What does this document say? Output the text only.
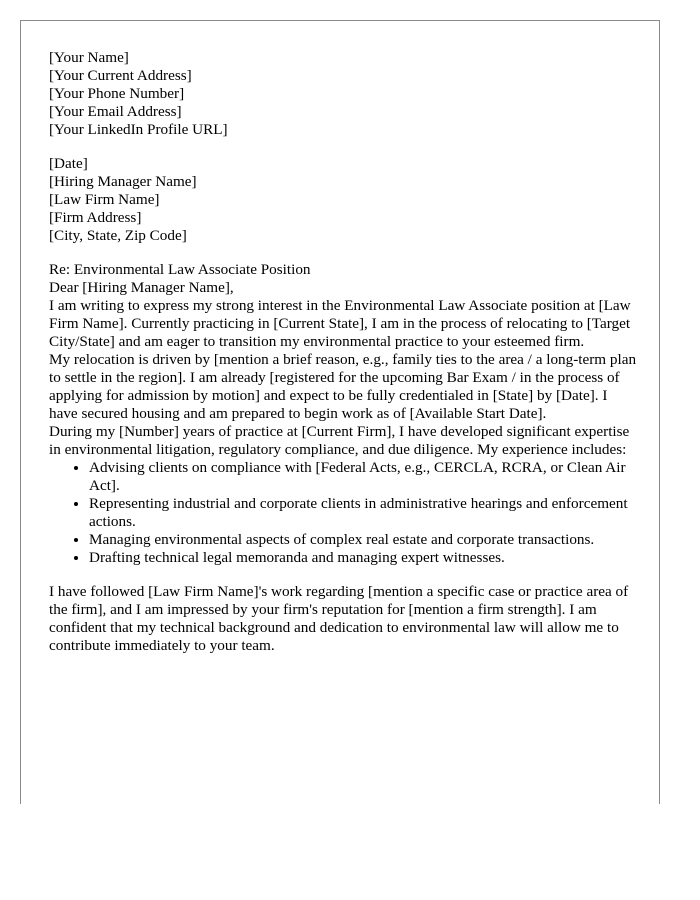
[Your Name]
[Your Current Address]
[Your Phone Number]
[Your Email Address]
[Your LinkedIn Profile URL]

[Date]

[Hiring Manager Name]
[Law Firm Name]
[Firm Address]
[City, State, Zip Code]

Re: Environmental Law Associate Position

Dear [Hiring Manager Name],

I am writing to express my strong interest in the Environmental Law Associate position at [Law Firm Name]. Currently practicing in [Current State], I am in the process of relocating to [Target City/State] and am eager to transition my environmental practice to your esteemed firm.

My relocation is driven by [mention a brief reason, e.g., family ties to the area / a long-term plan to settle in the region]. I am already [registered for the upcoming Bar Exam / in the process of applying for admission by motion] and expect to be fully credentialed in [State] by [Date]. I have secured housing and am prepared to begin work as of [Available Start Date].

During my [Number] years of practice at [Current Firm], I have developed significant expertise in environmental litigation, regulatory compliance, and due diligence. My experience includes:

• Advising clients on compliance with [Federal Acts, e.g., CERCLA, RCRA, or Clean Air Act].
• Representing industrial and corporate clients in administrative hearings and enforcement actions.
• Managing environmental aspects of complex real estate and corporate transactions.
• Drafting technical legal memoranda and managing expert witnesses.

I have followed [Law Firm Name]'s work regarding [mention a specific case or practice area of the firm], and I am impressed by your firm's reputation for [mention a firm strength]. I am confident that my technical background and dedication to environmental law will allow me to contribute immediately to your team.
